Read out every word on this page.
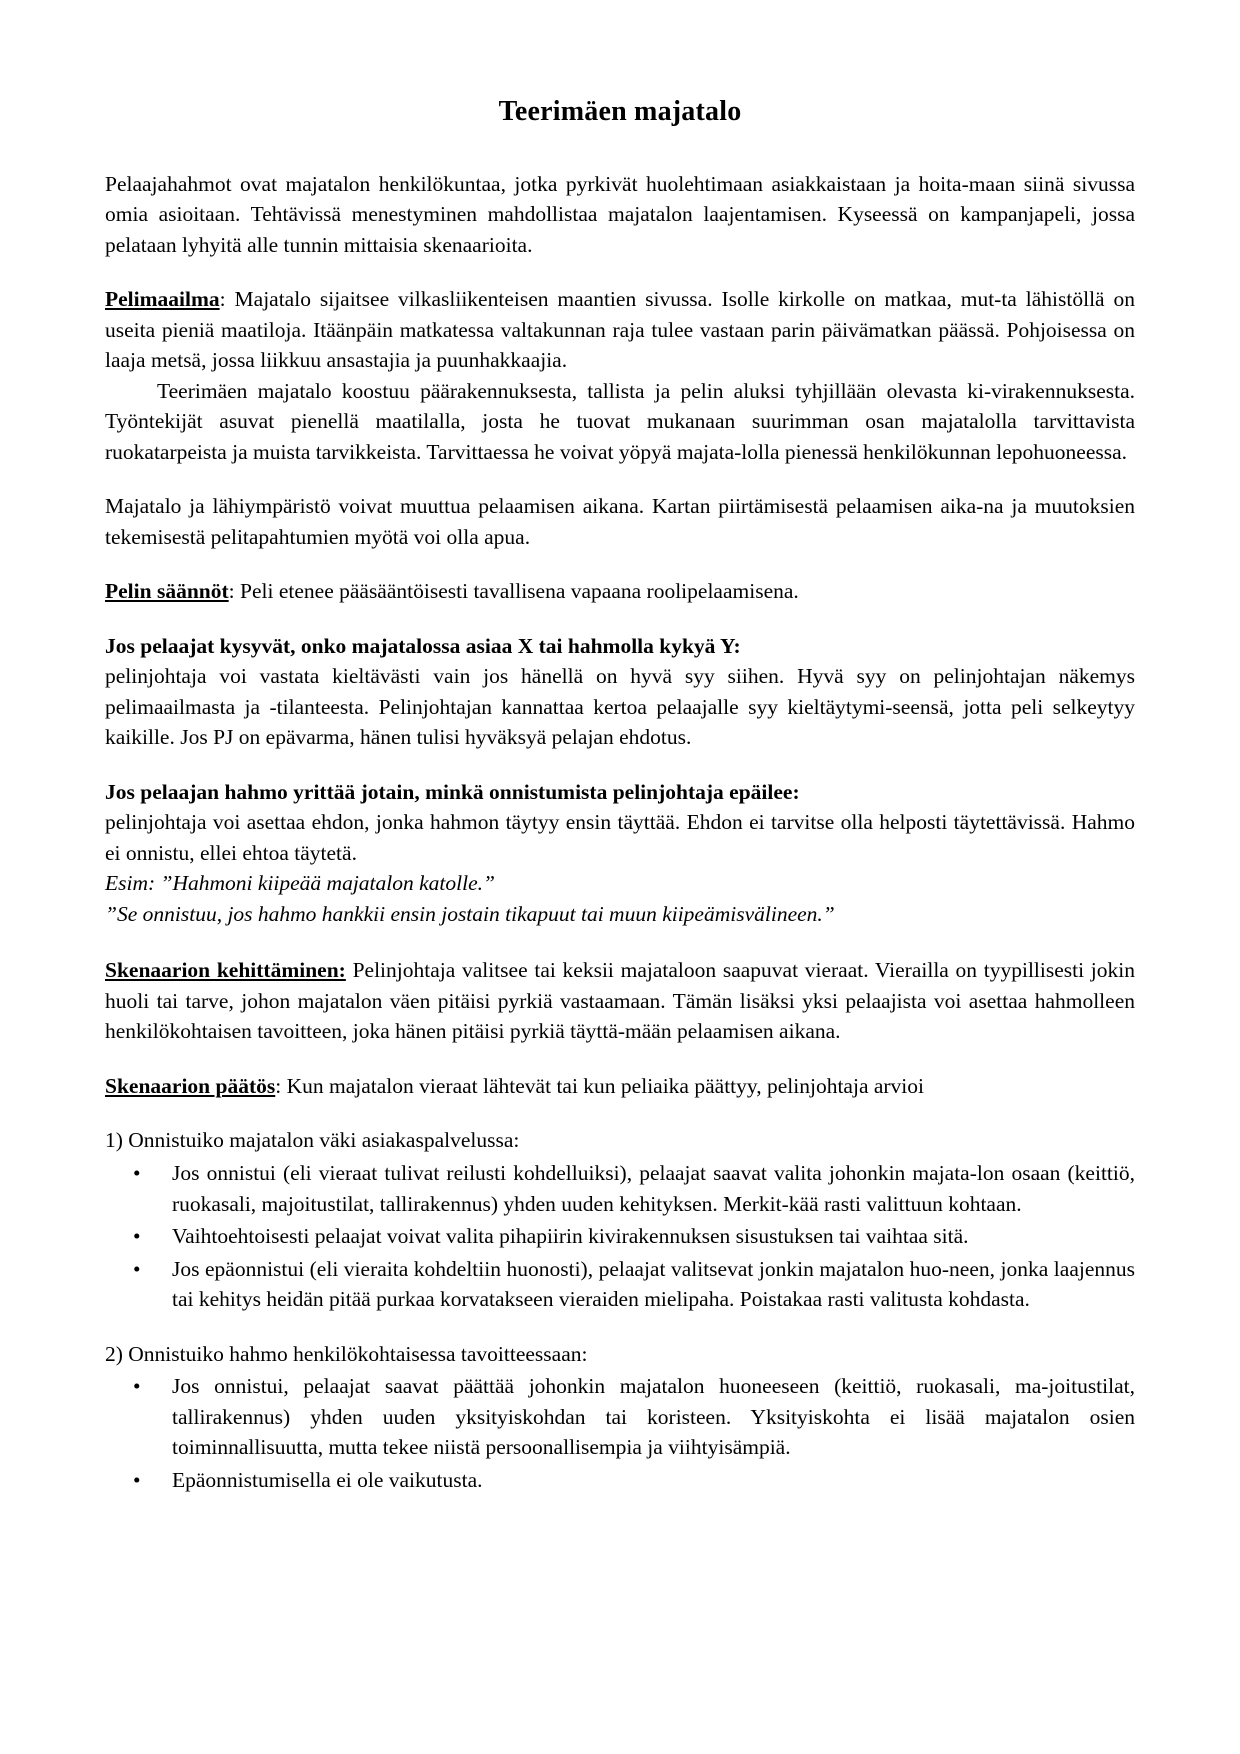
Teerimäen majatalo

Pelaajahahmot ovat majatalon henkilökuntaa, jotka pyrkivät huolehtimaan asiakkaistaan ja hoita-maan siinä sivussa omia asioitaan. Tehtävissä menestyminen mahdollistaa majatalon laajentamisen. Kyseessä on kampanjapeli, jossa pelataan lyhyitä alle tunnin mittaisia skenaarioita.

Pelimaailma: Majatalo sijaitsee vilkasliikenteisen maantien sivussa. Isolle kirkolle on matkaa, mut-ta lähistöllä on useita pieniä maatiloja. Itäänpäin matkatessa valtakunnan raja tulee vastaan parin päivämatkan päässä. Pohjoisessa on laaja metsä, jossa liikkuu ansastajia ja puunhakkaajia.

Teerimäen majatalo koostuu päärakennuksesta, tallista ja pelin aluksi tyhjillään olevasta ki-virakennuksesta. Työntekijät asuvat pienellä maatilalla, josta he tuovat mukanaan suurimman osan majatalolla tarvittavista ruokatarpeista ja muista tarvikkeista. Tarvittaessa he voivat yöpyä majata-lolla pienessä henkilökunnan lepohuoneessa.

Majatalo ja lähiympäristö voivat muuttua pelaamisen aikana. Kartan piirtämisestä pelaamisen aika-na ja muutoksien tekemisestä pelitapahtumien myötä voi olla apua.

Pelin säännöt: Peli etenee pääsääntöisesti tavallisena vapaana roolipelaamisena.

Jos pelaajat kysyvät, onko majatalossa asiaa X tai hahmolla kykyä Y:

pelinjohtaja voi vastata kieltävästi vain jos hänellä on hyvä syy siihen. Hyvä syy on pelinjohtajan näkemys pelimaailmasta ja -tilanteesta. Pelinjohtajan kannattaa kertoa pelaajalle syy kieltäytymi-seensä, jotta peli selkeytyy kaikille. Jos PJ on epävarma, hänen tulisi hyväksyä pelajan ehdotus.

Jos pelaajan hahmo yrittää jotain, minkä onnistumista pelinjohtaja epäilee:

pelinjohtaja voi asettaa ehdon, jonka hahmon täytyy ensin täyttää. Ehdon ei tarvitse olla helposti täytettävissä. Hahmo ei onnistu, ellei ehtoa täytetä.

Esim: ”Hahmoni kiipeää majatalon katolle.”

”Se onnistuu, jos hahmo hankkii ensin jostain tikapuut tai muun kiipeämisvälineen.”

Skenaarion kehittäminen: Pelinjohtaja valitsee tai keksii majataloon saapuvat vieraat. Vierailla on tyypillisesti jokin huoli tai tarve, johon majatalon väen pitäisi pyrkiä vastaamaan. Tämän lisäksi yksi pelaajista voi asettaa hahmolleen henkilökohtaisen tavoitteen, joka hänen pitäisi pyrkiä täyttä-mään pelaamisen aikana.

Skenaarion päätös: Kun majatalon vieraat lähtevät tai kun peliaika päättyy, pelinjohtaja arvioi

1) Onnistuiko majatalon väki asiakaspalvelussa:

• Jos onnistui (eli vieraat tulivat reilusti kohdelluiksi), pelaajat saavat valita johonkin majata-lon osaan (keittiö, ruokasali, majoitustilat, tallirakennus) yhden uuden kehityksen. Merkit-kää rasti valittuun kohtaan.
• Vaihtoehtoisesti pelaajat voivat valita pihapiirin kivirakennuksen sisustuksen tai vaihtaa sitä.
• Jos epäonnistui (eli vieraita kohdeltiin huonosti), pelaajat valitsevat jonkin majatalon huo-neen, jonka laajennus tai kehitys heidän pitää purkaa korvatakseen vieraiden mielipaha. Poistakaa rasti valitusta kohdasta.

2) Onnistuiko hahmo henkilökohtaisessa tavoitteessaan:

• Jos onnistui, pelaajat saavat päättää johonkin majatalon huoneeseen (keittiö, ruokasali, ma-joitustilat, tallirakennus) yhden uuden yksityiskohdan tai koristeen. Yksityiskohta ei lisää majatalon osien toiminnallisuutta, mutta tekee niistä persoonallisempia ja viihtyisämpiä.
• Epäonnistumisella ei ole vaikutusta.
